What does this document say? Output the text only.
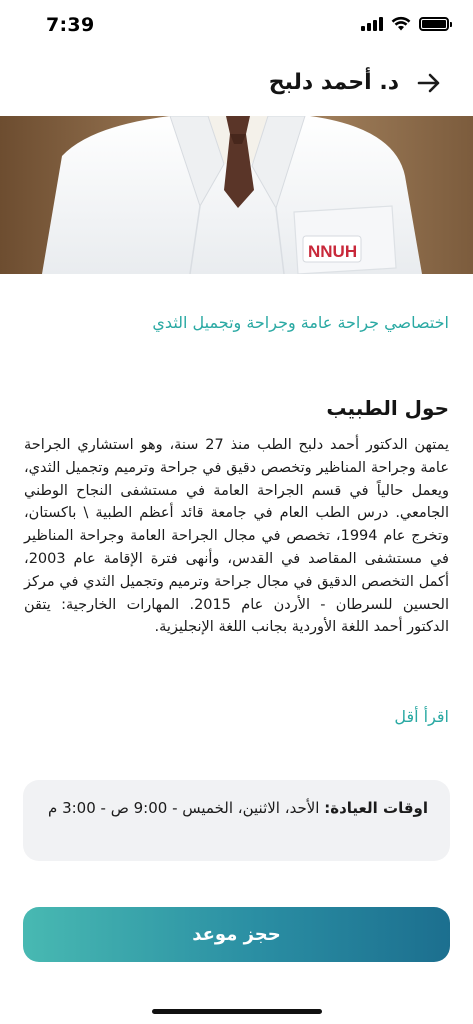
7:39
د. أحمد دلبح
NNUH
اختصاصي جراحة عامة وجراحة وتجميل الثدي
حول الطبيب

يمتهن الدكتور أحمد دلبح الطب منذ 27 سنة، وهو استشاري الجراحة عامة وجراحة المناظير وتخصص دقيق في جراحة وترميم وتجميل الثدي، ويعمل حالياً في قسم الجراحة العامة في مستشفى النجاح الوطني الجامعي. درس الطب العام في جامعة قائد أعظم الطبية \ باكستان، وتخرج عام 1994، تخصص في مجال الجراحة العامة وجراحة المناظير في مستشفى المقاصد في القدس، وأنهى فترة الإقامة عام 2003، أكمل التخصص الدقيق في مجال جراحة وترميم وتجميل الثدي في مركز الحسين للسرطان - الأردن عام 2015. المهارات الخارجية: يتقن الدكتور أحمد اللغة الأوردية بجانب اللغة الإنجليزية.

اقرأ أقل
اوقات العيادة: الأحد، الاثنين، الخميس - 9:00 ص - 3:00 م
حجز موعد
